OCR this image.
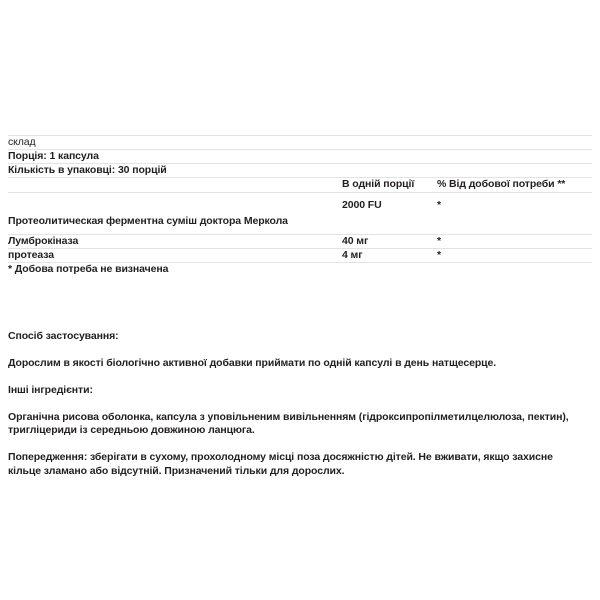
склад		
Порція: 1 капсула		
Кількість в упаковці: 30 порцій		
	В одній порції	% Від добової потреби **
Протеолитическая ферментна суміш доктора Меркола	2000 FU	*
Лумброкіназа	40 мг	*
протеаза	4 мг	*
* Добова потреба не визначена		

Спосіб застосування:

Дорослим в якості біологічно активної добавки приймати по одній капсулі в день натщесерце.

Інші інгредієнти:

Органічна рисова оболонка, капсула з уповільненим вивільненням (гідроксипропілметилцелюлоза, пектин), тригліцериди із середньою довжиною ланцюга.

Попередження: зберігати в сухому, прохолодному місці поза досяжністю дітей. Не вживати, якщо захисне кільце зламано або відсутній. Призначений тільки для дорослих.
